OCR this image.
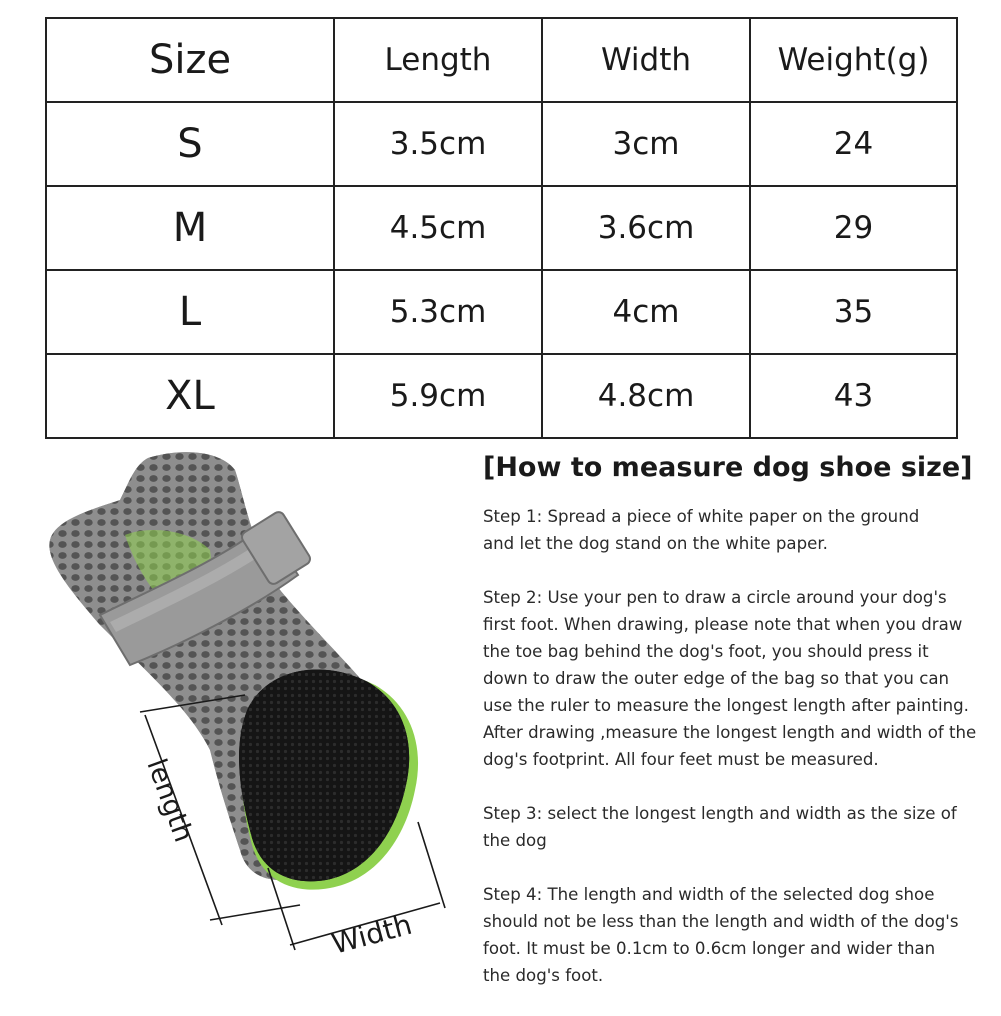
Size	Length	Width	Weight(g)
S	3.5cm	3cm	24
M	4.5cm	3.6cm	29
L	5.3cm	4cm	35
XL	5.9cm	4.8cm	43
length
Width
[How to measure dog shoe size]
Step 1: Spread a piece of white paper on the ground
and let the dog stand on the white paper.
Step 2: Use your pen to draw a circle around your dog's
first foot. When drawing, please note that when you draw
the toe bag behind the dog's foot, you should press it
down to draw the outer edge of the bag so that you can
use the ruler to measure the longest length after painting.
After drawing ,measure the longest length and width of the
dog's footprint. All four feet must be measured.
Step 3: select the longest length and width as the size of
the dog
Step 4: The length and width of the selected dog shoe
should not be less than the length and width of the dog's
foot. It must be 0.1cm to 0.6cm longer and wider than
the dog's foot.
